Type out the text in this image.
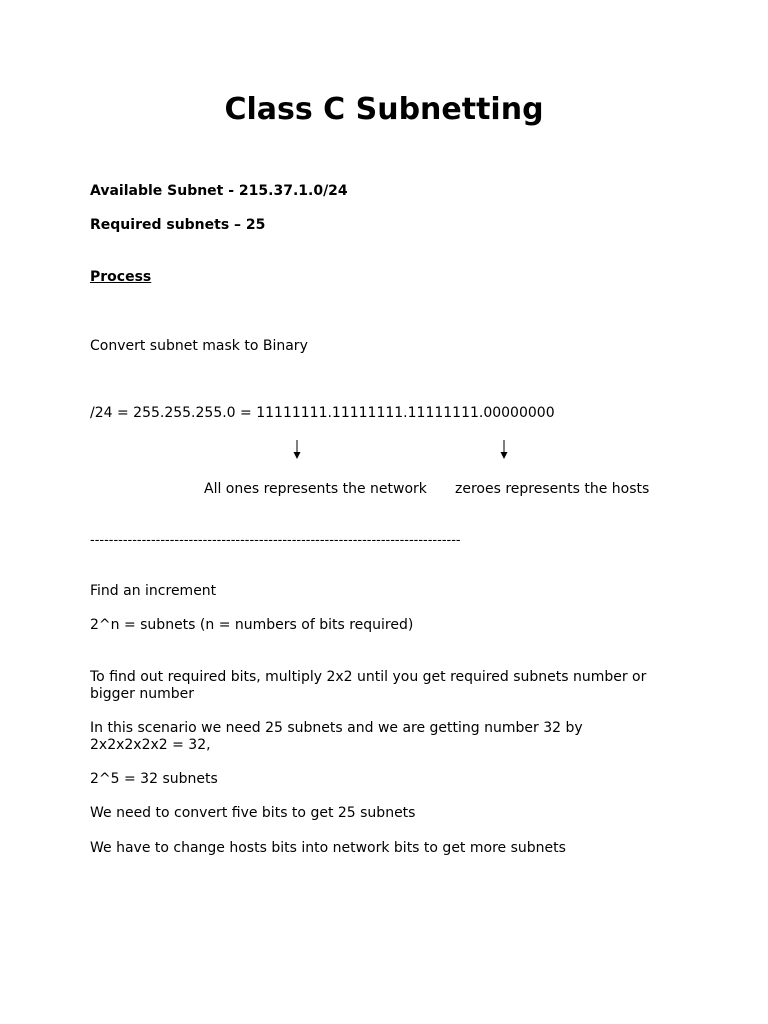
Class C Subnetting
Available Subnet - 215.37.1.0/24
Required subnets – 25
Process
Convert subnet mask to Binary
/24 = 255.255.255.0 = 11111111.11111111.11111111.00000000
All ones represents the network zeroes represents the hosts
-------------------------------------------------------------------------------
Find an increment
2^n = subnets (n = numbers of bits required)
To find out required bits, multiply 2x2 until you get required subnets number or bigger number
In this scenario we need 25 subnets and we are getting number 32 by 2x2x2x2x2 = 32,
2^5 = 32 subnets
We need to convert five bits to get 25 subnets
We have to change hosts bits into network bits to get more subnets
